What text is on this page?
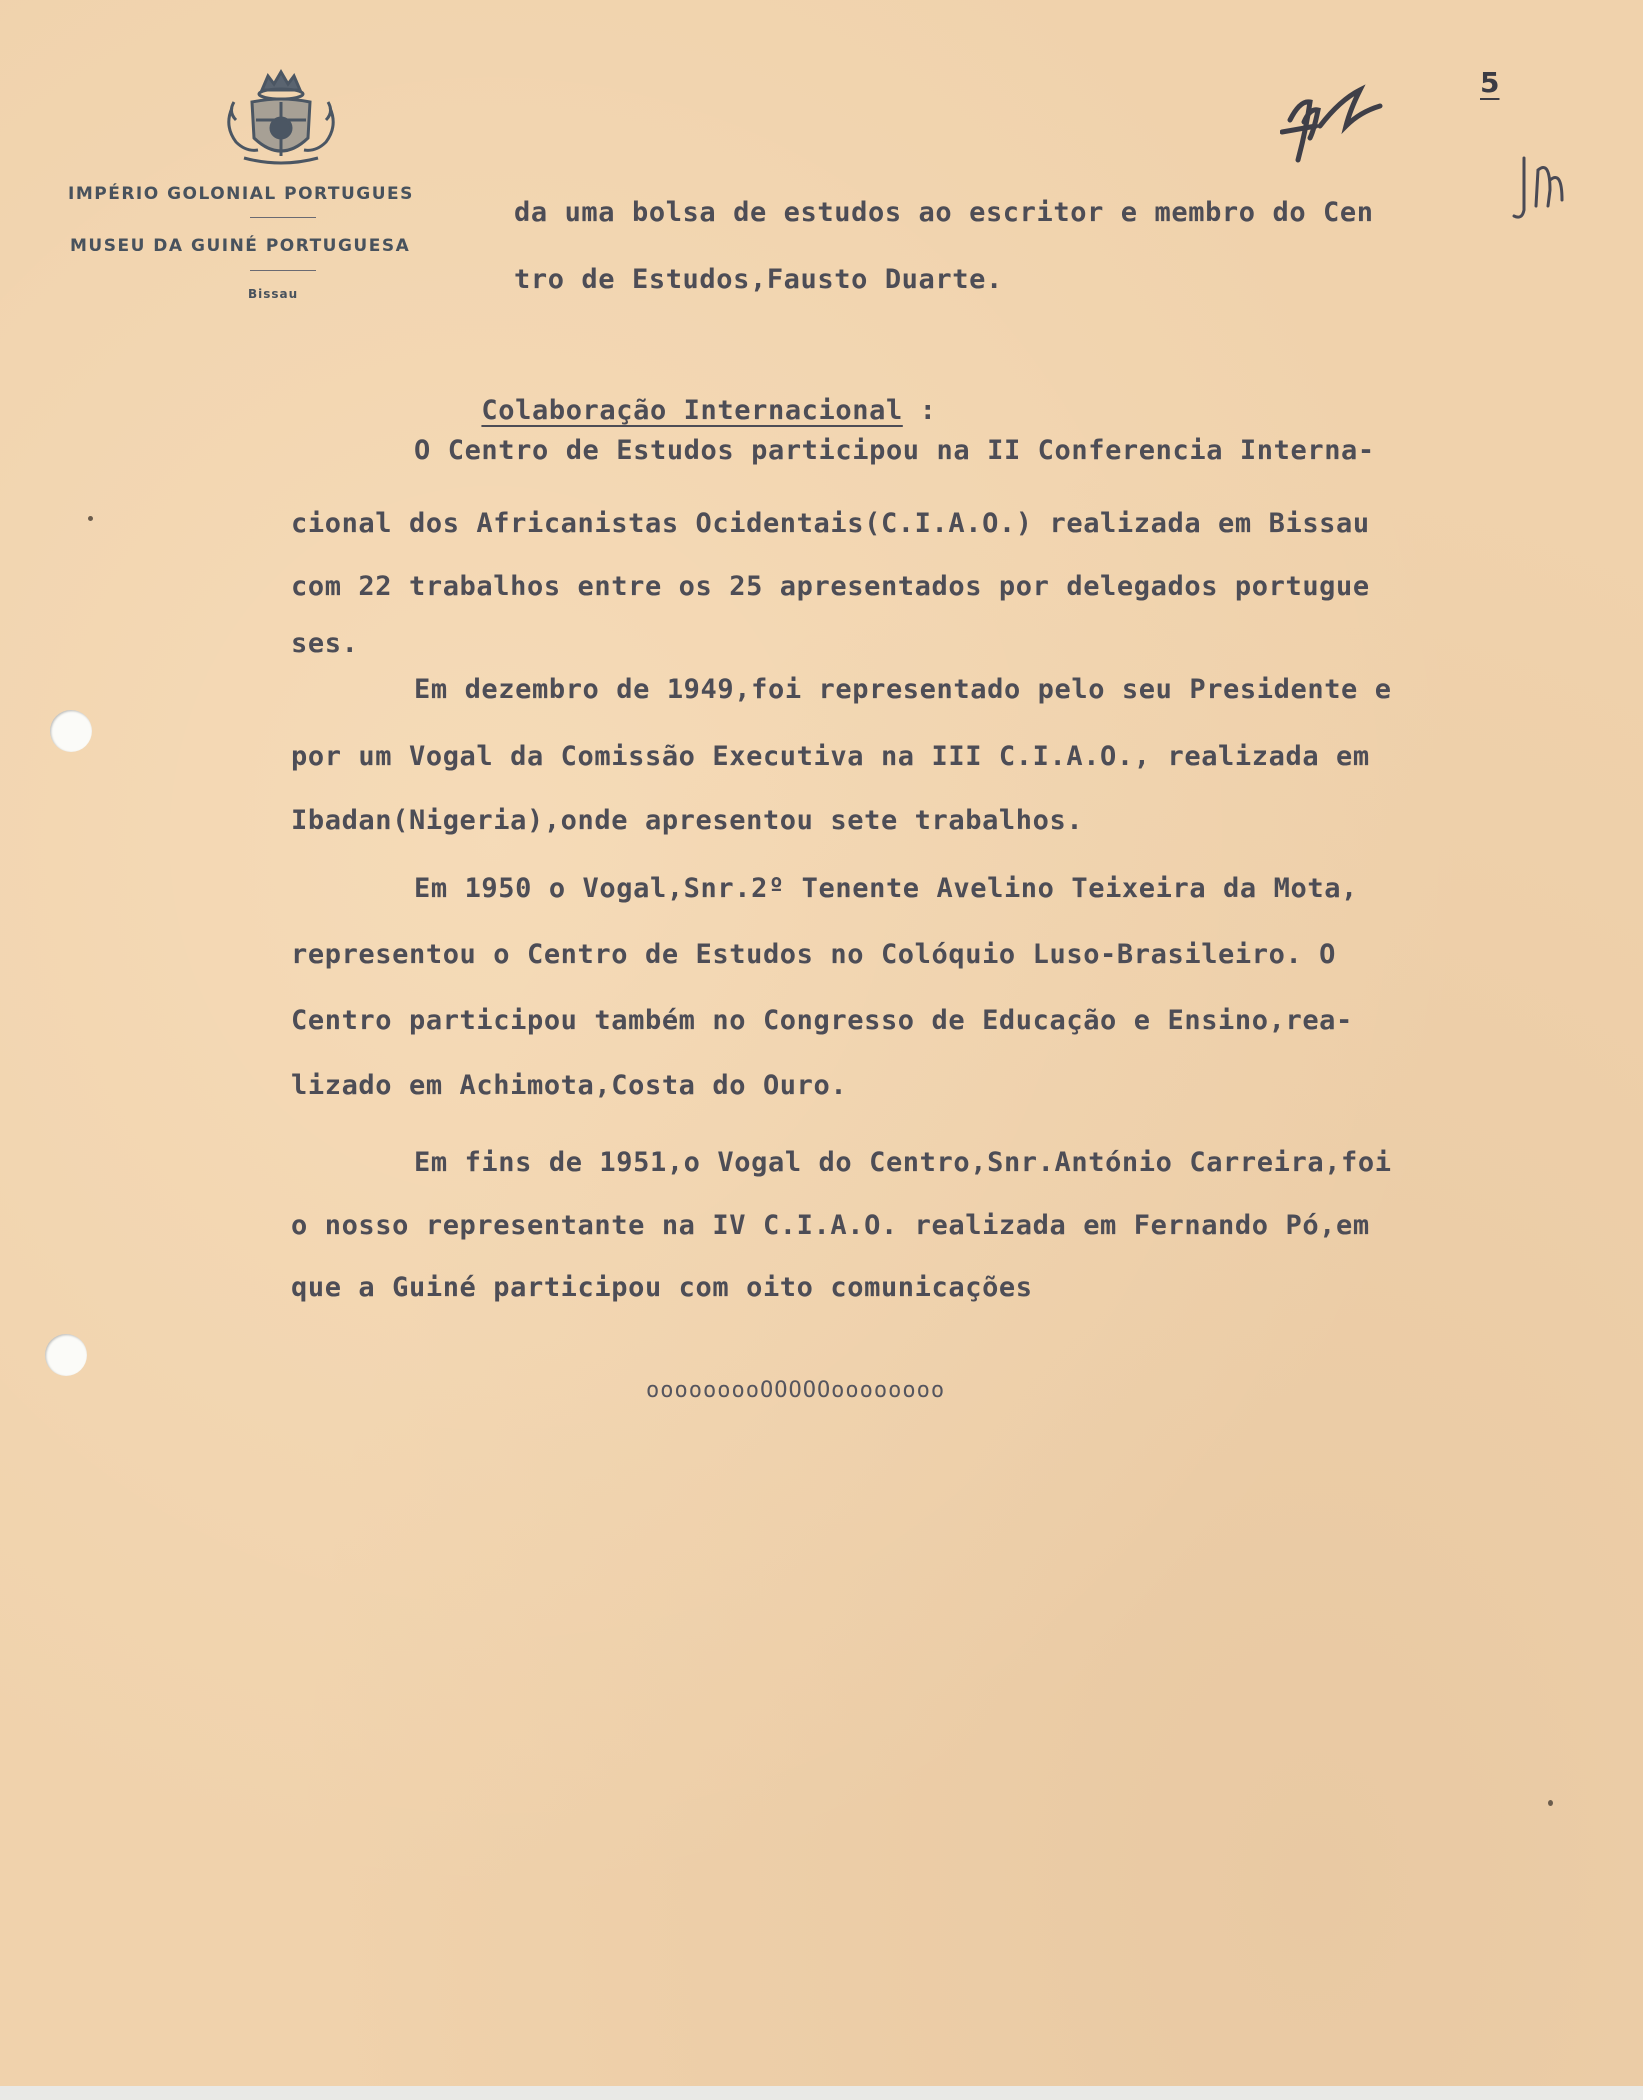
IMPÉRIO GOLONIAL PORTUGUES
MUSEU DA GUINÉ PORTUGUESA
Bissau
5
da uma bolsa de estudos ao escritor e membro do Cen
tro de Estudos,Fausto Duarte.

Colaboração Internacional :

O Centro de Estudos participou na II Conferencia Interna-
cional dos Africanistas Ocidentais(C.I.A.O.) realizada em Bissau
com 22 trabalhos entre os 25 apresentados por delegados portugue
ses.
Em dezembro de 1949,foi representado pelo seu Presidente e
por um Vogal da Comissão Executiva na III C.I.A.O., realizada em
Ibadan(Nigeria),onde apresentou sete trabalhos.
Em 1950 o Vogal,Snr.2º Tenente Avelino Teixeira da Mota,
representou o Centro de Estudos no Colóquio Luso-Brasileiro. O
Centro participou também no Congresso de Educação e Ensino,rea-
lizado em Achimota,Costa do Ouro.
Em fins de 1951,o Vogal do Centro,Snr.António Carreira,foi
o nosso representante na IV C.I.A.O. realizada em Fernando Pó,em
que a Guiné participou com oito comunicações
ooooooooOOOOOoooooooo
